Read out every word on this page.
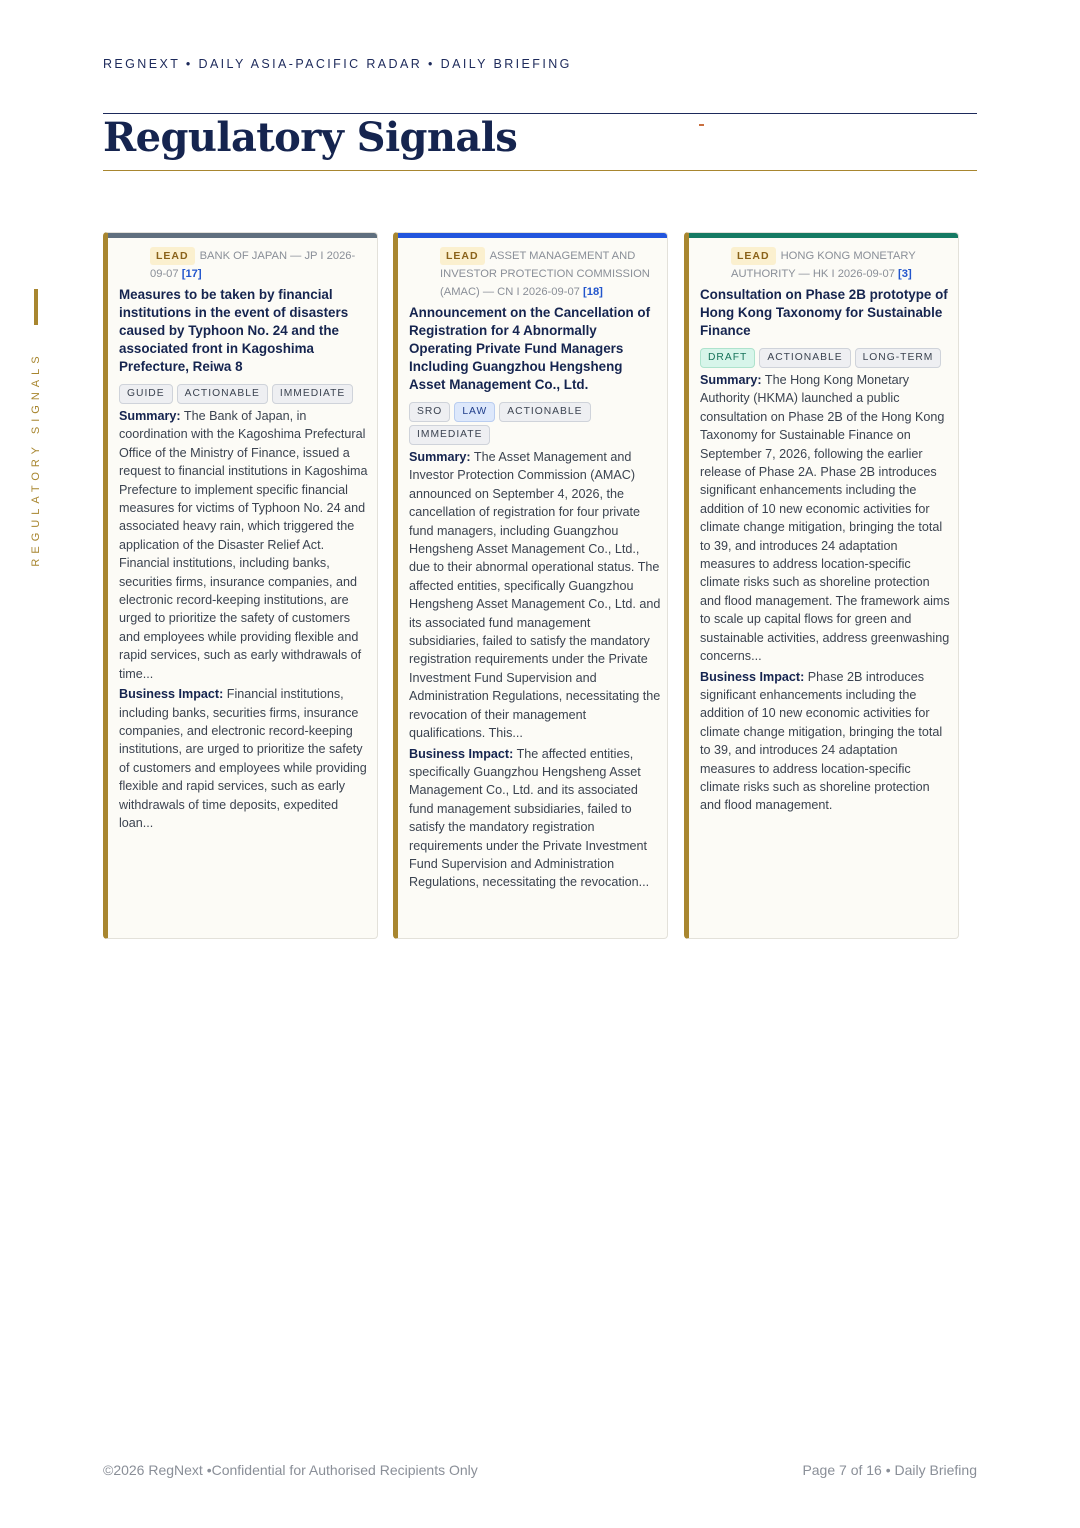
REGNEXT • DAILY ASIA-PACIFIC RADAR • DAILY BRIEFING
Regulatory Signals
REGULATORY SIGNALS
LEAD BANK OF JAPAN — JP I 2026-09-07 [17]
Measures to be taken by financial institutions in the event of disasters caused by Typhoon No. 24 and the associated front in Kagoshima Prefecture, Reiwa 8
GUIDE ACTIONABLE IMMEDIATE
Summary: The Bank of Japan, in coordination with the Kagoshima Prefectural Office of the Ministry of Finance, issued a request to financial institutions in Kagoshima Prefecture to implement specific financial measures for victims of Typhoon No. 24 and associated heavy rain, which triggered the application of the Disaster Relief Act. Financial institutions, including banks, securities firms, insurance companies, and electronic record-keeping institutions, are urged to prioritize the safety of customers and employees while providing flexible and rapid services, such as early withdrawals of time...
Business Impact: Financial institutions, including banks, securities firms, insurance companies, and electronic record-keeping institutions, are urged to prioritize the safety of customers and employees while providing flexible and rapid services, such as early withdrawals of time deposits, expedited loan...
LEAD ASSET MANAGEMENT AND INVESTOR PROTECTION COMMISSION (AMAC) — CN I 2026-09-07 [18]
Announcement on the Cancellation of Registration for 4 Abnormally Operating Private Fund Managers Including Guangzhou Hengsheng Asset Management Co., Ltd.
SRO LAW ACTIONABLEIMMEDIATE
Summary: The Asset Management and Investor Protection Commission (AMAC) announced on September 4, 2026, the cancellation of registration for four private fund managers, including Guangzhou Hengsheng Asset Management Co., Ltd., due to their abnormal operational status. The affected entities, specifically Guangzhou Hengsheng Asset Management Co., Ltd. and its associated fund management subsidiaries, failed to satisfy the mandatory registration requirements under the Private Investment Fund Supervision and Administration Regulations, necessitating the revocation of their management qualifications. This...
Business Impact: The affected entities, specifically Guangzhou Hengsheng Asset Management Co., Ltd. and its associated fund management subsidiaries, failed to satisfy the mandatory registration requirements under the Private Investment Fund Supervision and Administration Regulations, necessitating the revocation...
LEAD HONG KONG MONETARY AUTHORITY — HK I 2026-09-07 [3]
Consultation on Phase 2B prototype of Hong Kong Taxonomy for Sustainable Finance
DRAFT ACTIONABLE LONG-TERM
Summary: The Hong Kong Monetary Authority (HKMA) launched a public consultation on Phase 2B of the Hong Kong Taxonomy for Sustainable Finance on September 7, 2026, following the earlier release of Phase 2A. Phase 2B introduces significant enhancements including the addition of 10 new economic activities for climate change mitigation, bringing the total to 39, and introduces 24 adaptation measures to address location-specific climate risks such as shoreline protection and flood management. The framework aims to scale up capital flows for green and sustainable activities, address greenwashing concerns...
Business Impact: Phase 2B introduces significant enhancements including the addition of 10 new economic activities for climate change mitigation, bringing the total to 39, and introduces 24 adaptation measures to address location-specific climate risks such as shoreline protection and flood management.
©2026 RegNext •Confidential for Authorised Recipients Only	Page 7 of 16 • Daily Briefing
